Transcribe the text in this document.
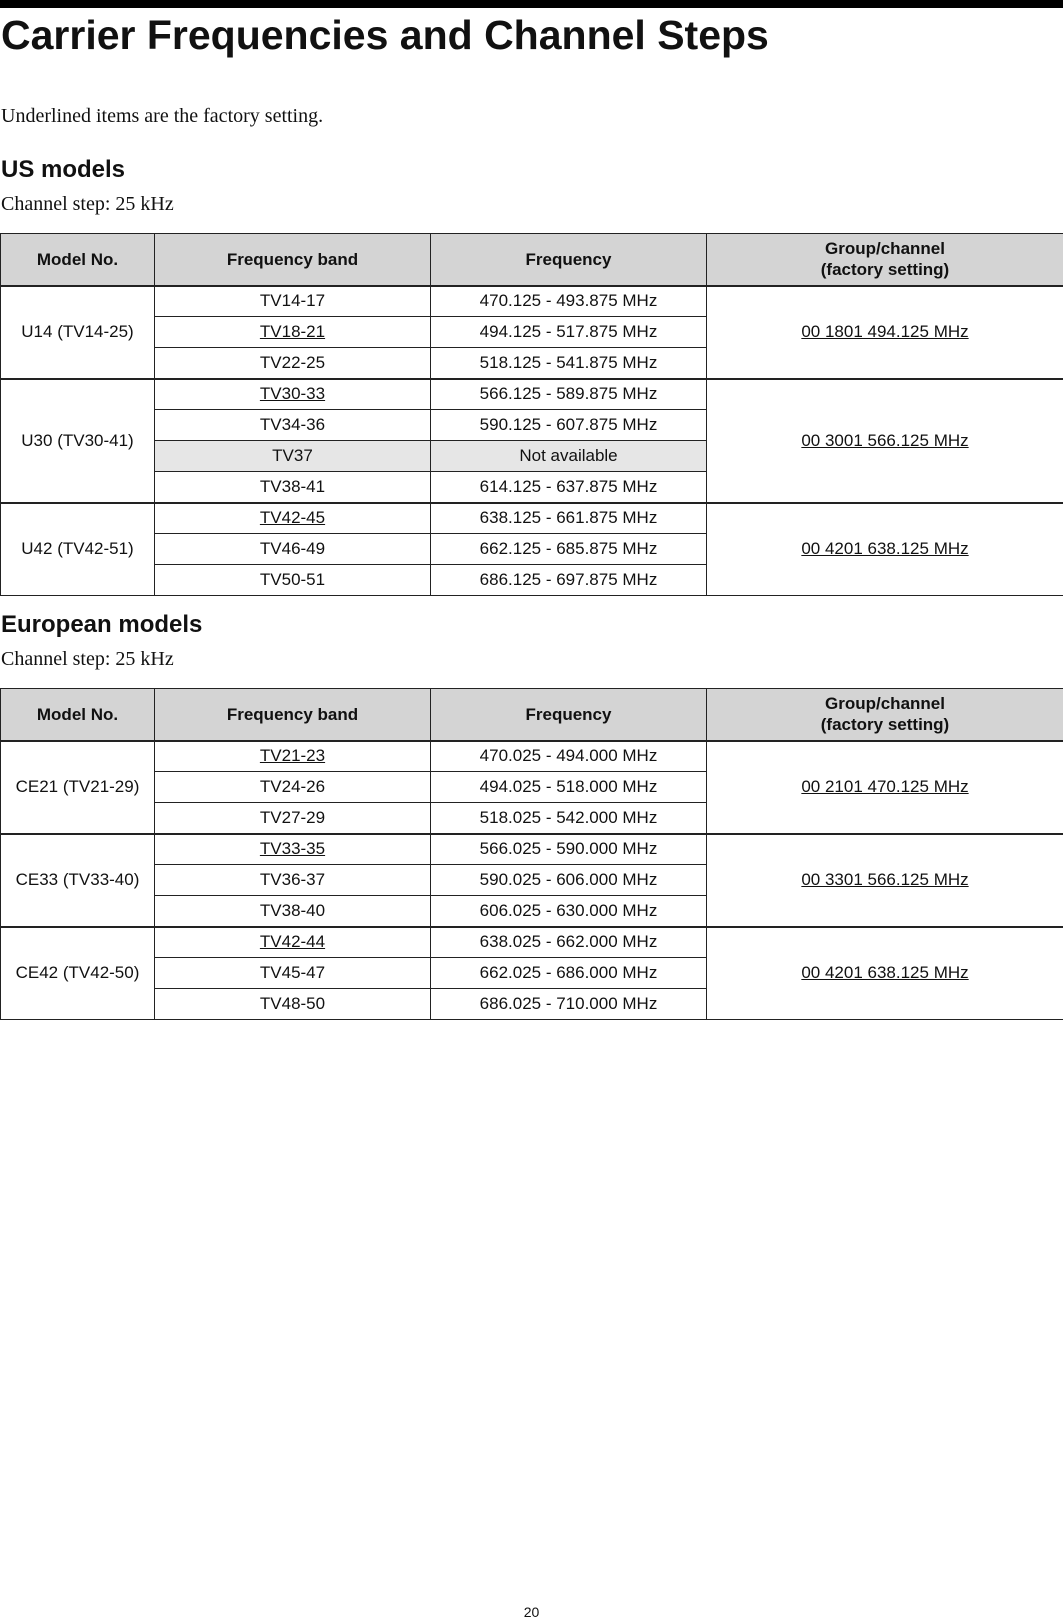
Carrier Frequencies and Channel Steps
Underlined items are the factory setting.
US models
Channel step: 25 kHz
Model No.	Frequency band	Frequency	Group/channel
(factory setting)
U14 (TV14-25)	TV14-17	470.125 - 493.875 MHz	00 1801 494.125 MHz
	TV18-21	494.125 - 517.875 MHz	
	TV22-25	518.125 - 541.875 MHz	
U30 (TV30-41)	TV30-33	566.125 - 589.875 MHz	00 3001 566.125 MHz
	TV34-36	590.125 - 607.875 MHz	
	TV37	Not available	
	TV38-41	614.125 - 637.875 MHz	
U42 (TV42-51)	TV42-45	638.125 - 661.875 MHz	00 4201 638.125 MHz
	TV46-49	662.125 - 685.875 MHz	
	TV50-51	686.125 - 697.875 MHz	
European models
Channel step: 25 kHz
Model No.	Frequency band	Frequency	Group/channel
(factory setting)
CE21 (TV21-29)	TV21-23	470.025 - 494.000 MHz	00 2101 470.125 MHz
	TV24-26	494.025 - 518.000 MHz	
	TV27-29	518.025 - 542.000 MHz	
CE33 (TV33-40)	TV33-35	566.025 - 590.000 MHz	00 3301 566.125 MHz
	TV36-37	590.025 - 606.000 MHz	
	TV38-40	606.025 - 630.000 MHz	
CE42 (TV42-50)	TV42-44	638.025 - 662.000 MHz	00 4201 638.125 MHz
	TV45-47	662.025 - 686.000 MHz	
	TV48-50	686.025 - 710.000 MHz	
20
